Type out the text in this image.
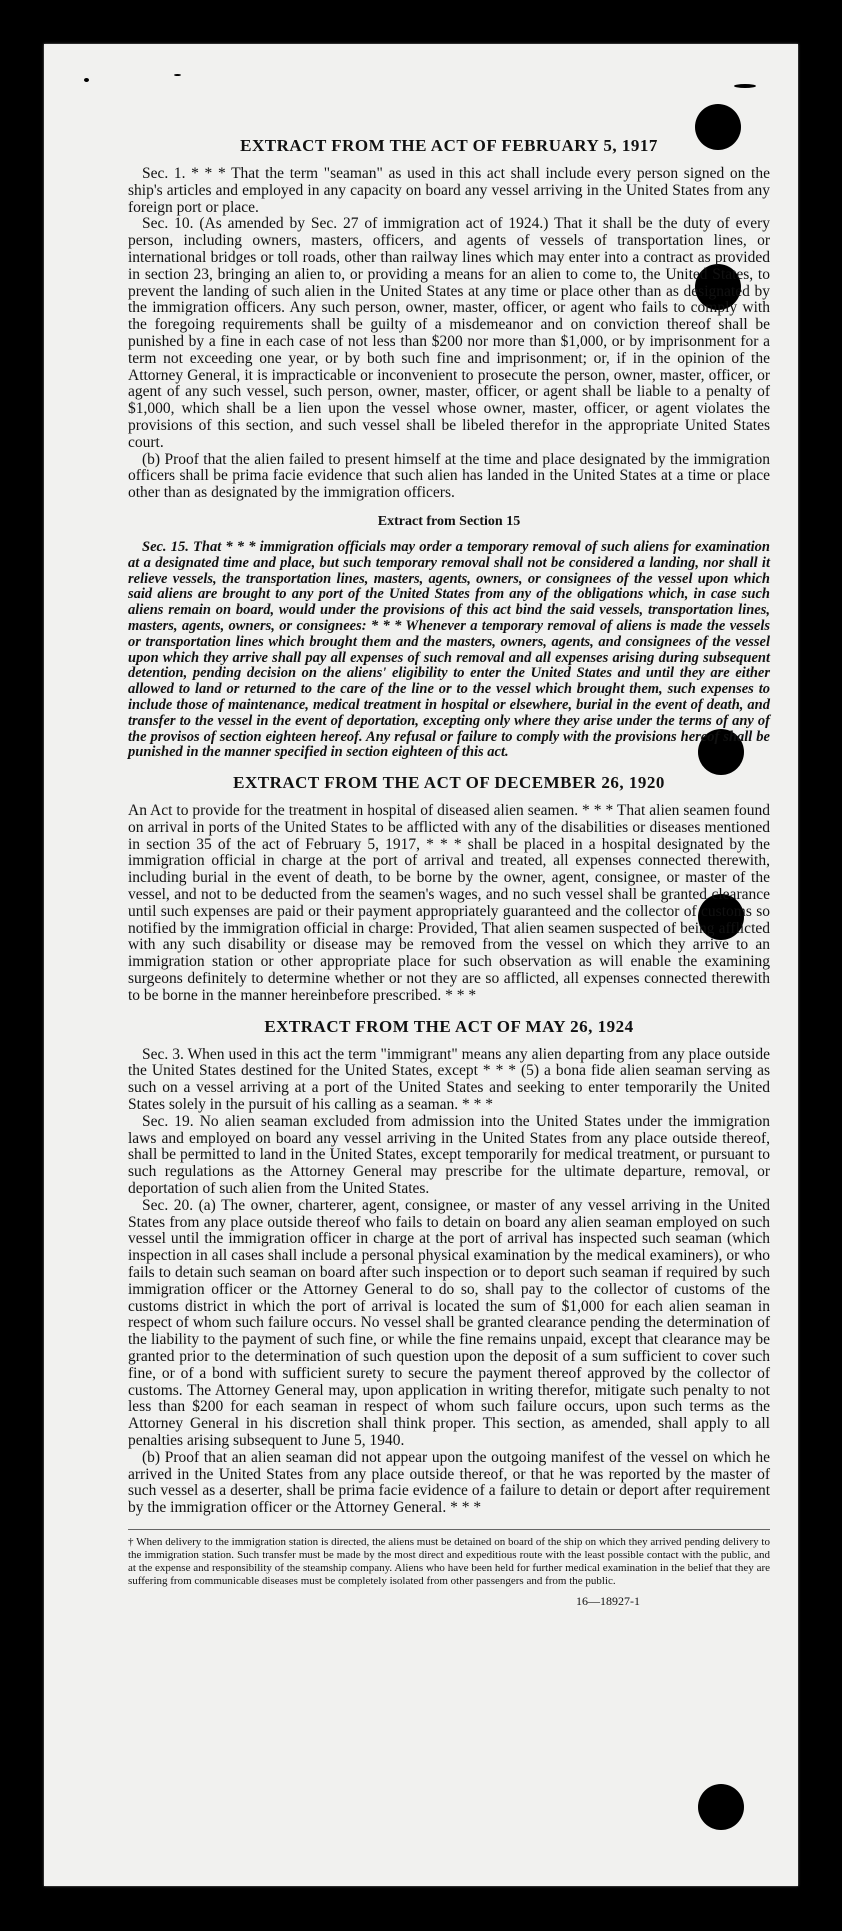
EXTRACT FROM THE ACT OF FEBRUARY 5, 1917

Sec. 1. * * * That the term "seaman" as used in this act shall include every person signed on the ship's articles and employed in any capacity on board any vessel arriving in the United States from any foreign port or place.

Sec. 10. (As amended by Sec. 27 of immigration act of 1924.) That it shall be the duty of every person, including owners, masters, officers, and agents of vessels of transportation lines, or international bridges or toll roads, other than railway lines which may enter into a contract as provided in section 23, bringing an alien to, or providing a means for an alien to come to, the United States, to prevent the landing of such alien in the United States at any time or place other than as designated by the immigration officers. Any such person, owner, master, officer, or agent who fails to comply with the foregoing requirements shall be guilty of a misdemeanor and on conviction thereof shall be punished by a fine in each case of not less than $200 nor more than $1,000, or by imprisonment for a term not exceeding one year, or by both such fine and imprisonment; or, if in the opinion of the Attorney General, it is impracticable or inconvenient to prosecute the person, owner, master, officer, or agent of any such vessel, such person, owner, master, officer, or agent shall be liable to a penalty of $1,000, which shall be a lien upon the vessel whose owner, master, officer, or agent violates the provisions of this section, and such vessel shall be libeled therefor in the appropriate United States court.

(b) Proof that the alien failed to present himself at the time and place designated by the immigration officers shall be prima facie evidence that such alien has landed in the United States at a time or place other than as designated by the immigration officers.

Extract from Section 15

Sec. 15. That * * * immigration officials may order a temporary removal of such aliens for examination at a designated time and place, but such temporary removal shall not be considered a landing, nor shall it relieve vessels, the transportation lines, masters, agents, owners, or consignees of the vessel upon which said aliens are brought to any port of the United States from any of the obligations which, in case such aliens remain on board, would under the provisions of this act bind the said vessels, transportation lines, masters, agents, owners, or consignees: * * * Whenever a temporary removal of aliens is made the vessels or transportation lines which brought them and the masters, owners, agents, and consignees of the vessel upon which they arrive shall pay all expenses of such removal and all expenses arising during subsequent detention, pending decision on the aliens' eligibility to enter the United States and until they are either allowed to land or returned to the care of the line or to the vessel which brought them, such expenses to include those of maintenance, medical treatment in hospital or elsewhere, burial in the event of death, and transfer to the vessel in the event of deportation, excepting only where they arise under the terms of any of the provisos of section eighteen hereof. Any refusal or failure to comply with the provisions hereof shall be punished in the manner specified in section eighteen of this act.

EXTRACT FROM THE ACT OF DECEMBER 26, 1920

An Act to provide for the treatment in hospital of diseased alien seamen. * * * That alien seamen found on arrival in ports of the United States to be afflicted with any of the disabilities or diseases mentioned in section 35 of the act of February 5, 1917, * * * shall be placed in a hospital designated by the immigration official in charge at the port of arrival and treated, all expenses connected therewith, including burial in the event of death, to be borne by the owner, agent, consignee, or master of the vessel, and not to be deducted from the seamen's wages, and no such vessel shall be granted clearance until such expenses are paid or their payment appropriately guaranteed and the collector of customs so notified by the immigration official in charge: Provided, That alien seamen suspected of being afflicted with any such disability or disease may be removed from the vessel on which they arrive to an immigration station or other appropriate place for such observation as will enable the examining surgeons definitely to determine whether or not they are so afflicted, all expenses connected therewith to be borne in the manner hereinbefore prescribed. * * *

EXTRACT FROM THE ACT OF MAY 26, 1924

Sec. 3. When used in this act the term "immigrant" means any alien departing from any place outside the United States destined for the United States, except * * * (5) a bona fide alien seaman serving as such on a vessel arriving at a port of the United States and seeking to enter temporarily the United States solely in the pursuit of his calling as a seaman. * * *

Sec. 19. No alien seaman excluded from admission into the United States under the immigration laws and employed on board any vessel arriving in the United States from any place outside thereof, shall be permitted to land in the United States, except temporarily for medical treatment, or pursuant to such regulations as the Attorney General may prescribe for the ultimate departure, removal, or deportation of such alien from the United States.

Sec. 20. (a) The owner, charterer, agent, consignee, or master of any vessel arriving in the United States from any place outside thereof who fails to detain on board any alien seaman employed on such vessel until the immigration officer in charge at the port of arrival has inspected such seaman (which inspection in all cases shall include a personal physical examination by the medical examiners), or who fails to detain such seaman on board after such inspection or to deport such seaman if required by such immigration officer or the Attorney General to do so, shall pay to the collector of customs of the customs district in which the port of arrival is located the sum of $1,000 for each alien seaman in respect of whom such failure occurs. No vessel shall be granted clearance pending the determination of the liability to the payment of such fine, or while the fine remains unpaid, except that clearance may be granted prior to the determination of such question upon the deposit of a sum sufficient to cover such fine, or of a bond with sufficient surety to secure the payment thereof approved by the collector of customs. The Attorney General may, upon application in writing therefor, mitigate such penalty to not less than $200 for each seaman in respect of whom such failure occurs, upon such terms as the Attorney General in his discretion shall think proper. This section, as amended, shall apply to all penalties arising subsequent to June 5, 1940.

(b) Proof that an alien seaman did not appear upon the outgoing manifest of the vessel on which he arrived in the United States from any place outside thereof, or that he was reported by the master of such vessel as a deserter, shall be prima facie evidence of a failure to detain or deport after requirement by the immigration officer or the Attorney General. * * *

† When delivery to the immigration station is directed, the aliens must be detained on board of the ship on which they arrived pending delivery to the immigration station. Such transfer must be made by the most direct and expeditious route with the least possible contact with the public, and at the expense and responsibility of the steamship company. Aliens who have been held for further medical examination in the belief that they are suffering from communicable diseases must be completely isolated from other passengers and from the public.
16—18927-1
